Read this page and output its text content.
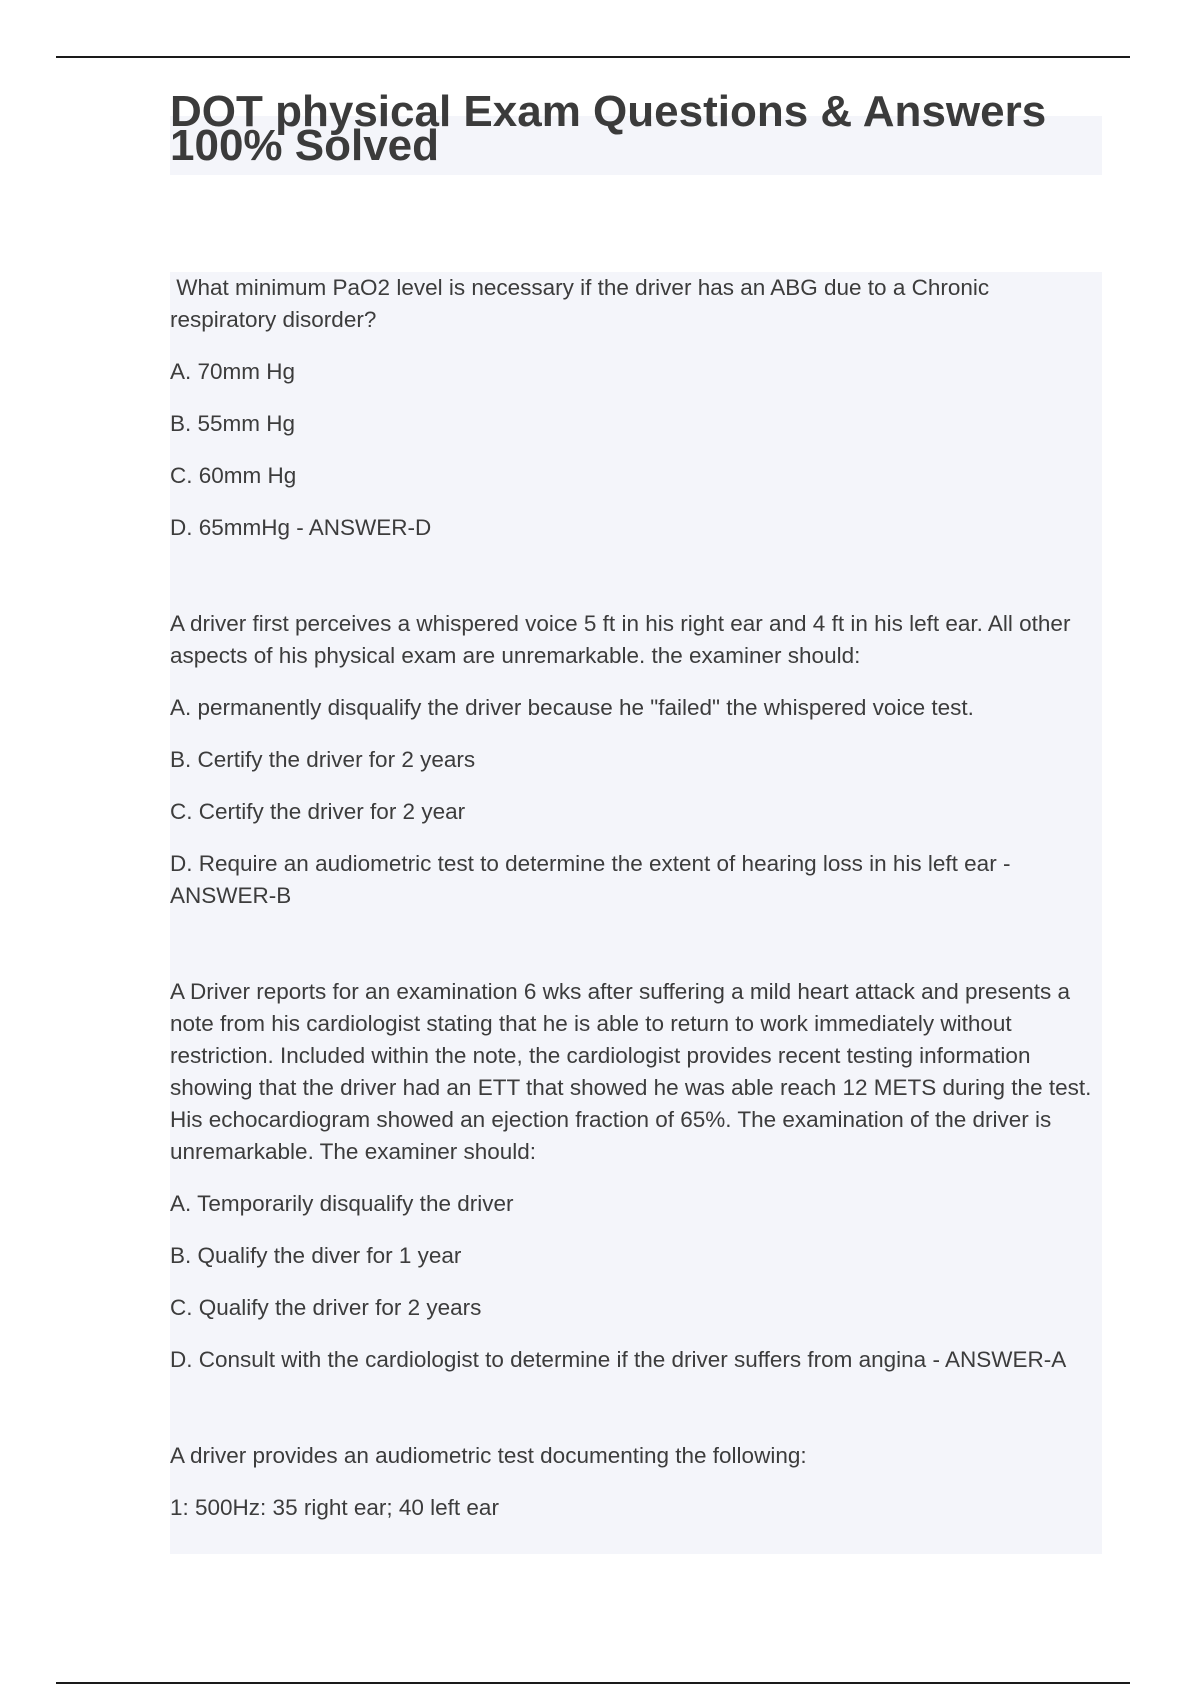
DOT physical Exam Questions & Answers 100% Solved

What minimum PaO2 level is necessary if the driver has an ABG due to a Chronic respiratory disorder?

A. 70mm Hg

B. 55mm Hg

C. 60mm Hg

D. 65mmHg - ANSWER-D

A driver first perceives a whispered voice 5 ft in his right ear and 4 ft in his left ear. All other aspects of his physical exam are unremarkable. the examiner should:

A. permanently disqualify the driver because he "failed" the whispered voice test.

B. Certify the driver for 2 years

C. Certify the driver for 2 year

D. Require an audiometric test to determine the extent of hearing loss in his left ear - ANSWER-B

A Driver reports for an examination 6 wks after suffering a mild heart attack and presents a note from his cardiologist stating that he is able to return to work immediately without restriction. Included within the note, the cardiologist provides recent testing information showing that the driver had an ETT that showed he was able reach 12 METS during the test. His echocardiogram showed an ejection fraction of 65%. The examination of the driver is unremarkable. The examiner should:

A. Temporarily disqualify the driver

B. Qualify the diver for 1 year

C. Qualify the driver for 2 years

D. Consult with the cardiologist to determine if the driver suffers from angina - ANSWER-A

A driver provides an audiometric test documenting the following:

1: 500Hz: 35 right ear; 40 left ear
